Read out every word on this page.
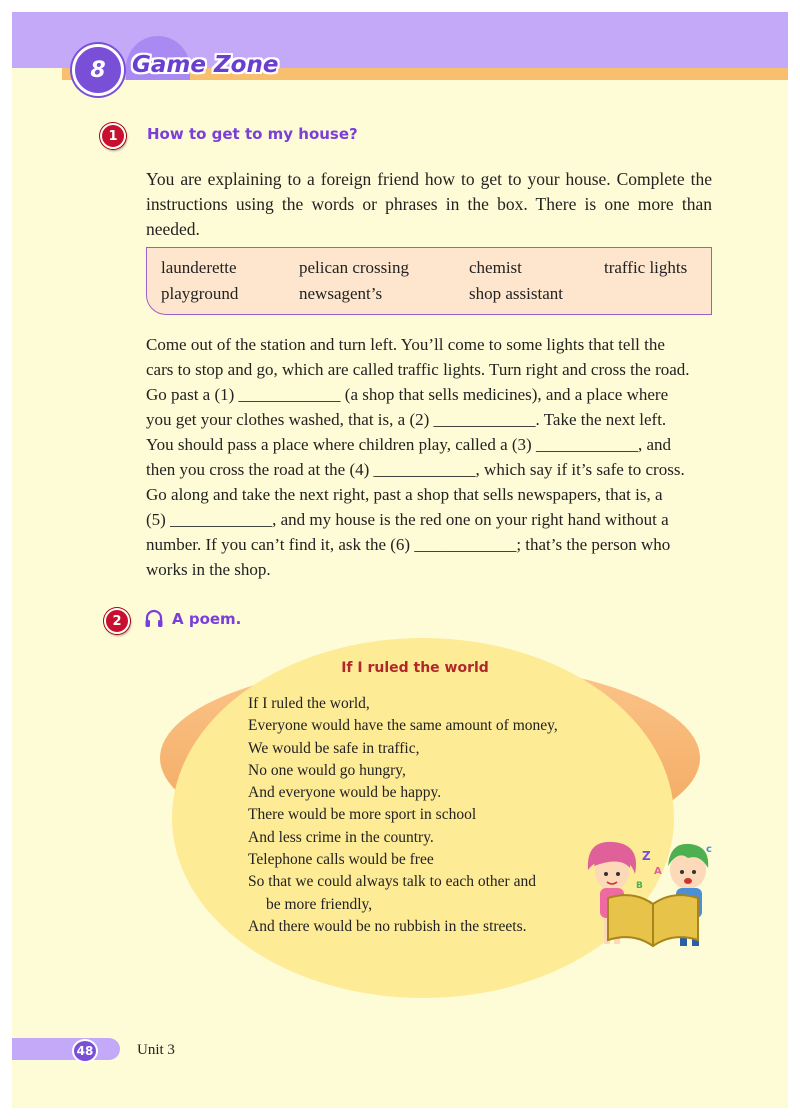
8	Game Zone
1	How to get to my house?
You are explaining to a foreign friend how to get to your house. Complete the instructions using the words or phrases in the box. There is one more than needed.
launderette	pelican crossing	chemist	traffic lights
playground	newsagent’s	shop assistant
Come out of the station and turn left. You’ll come to some lights that tell the
cars to stop and go, which are called traffic lights. Turn right and cross the road.
Go past a (1) ____________ (a shop that sells medicines), and a place where
you get your clothes washed, that is, a (2) ____________. Take the next left.
You should pass a place where children play, called a (3) ____________, and
then you cross the road at the (4) ____________, which say if it’s safe to cross.
Go along and take the next right, past a shop that sells newspapers, that is, a
(5) ____________, and my house is the red one on your right hand without a
number. If you can’t find it, ask the (6) ____________; that’s the person who
works in the shop.
2	A poem.
If I ruled the world
If I ruled the world,
Everyone would have the same amount of money,
We would be safe in traffic,
No one would go hungry,
And everyone would be happy.
There would be more sport in school
And less crime in the country.
Telephone calls would be free
So that we could always talk to each other and
be more friendly,
And there would be no rubbish in the streets.
Z
A
c
B
48	Unit 3
